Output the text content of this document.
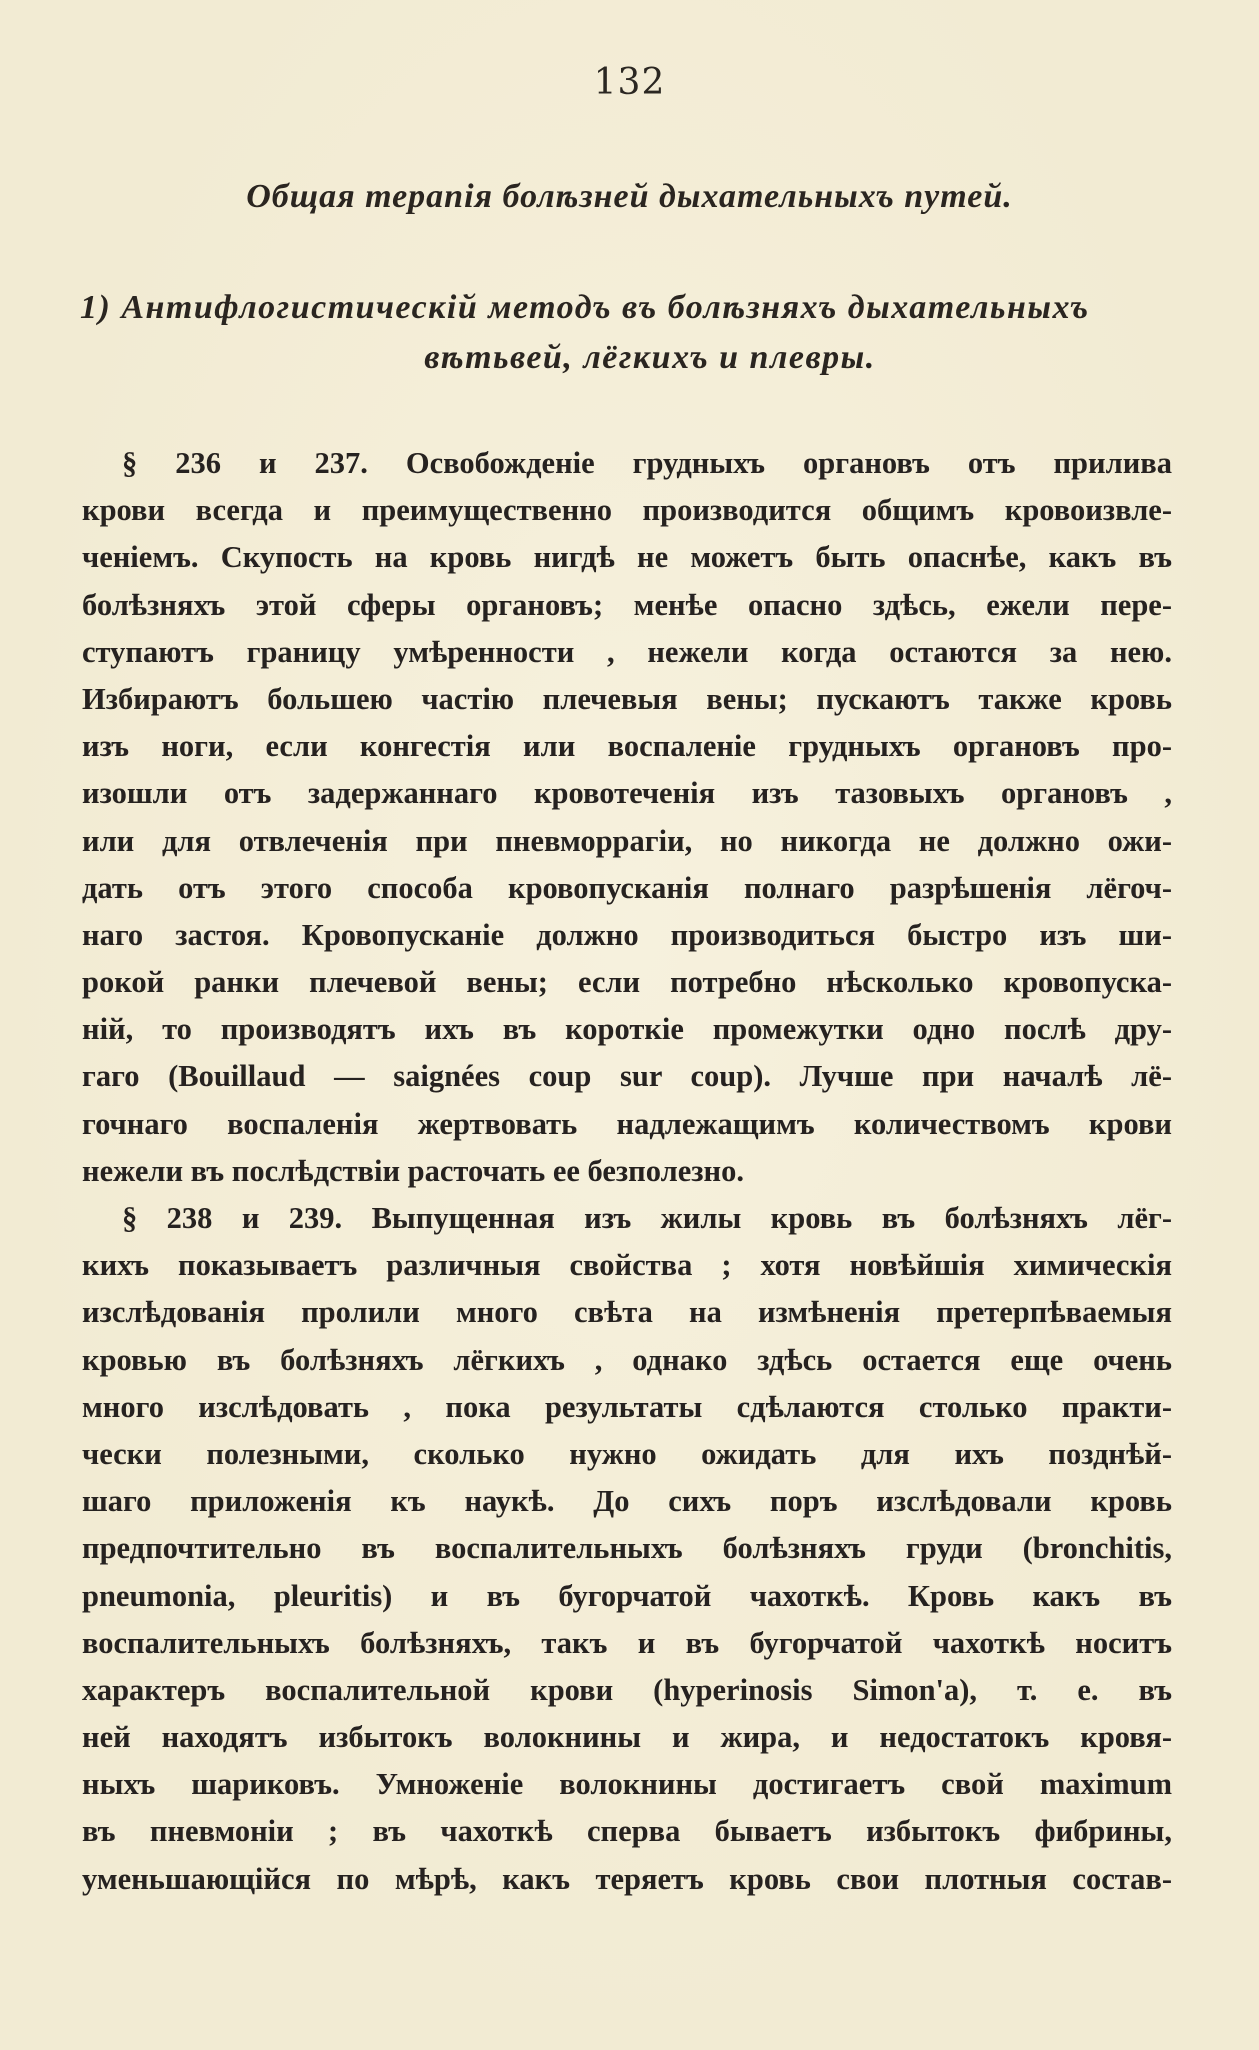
132
Общая терапія болѣзней дыхательныхъ путей.
1) Антифлогистическій методъ въ болѣзняхъ дыхательныхъ
вѣтьвей, лёгкихъ и плевры.
§ 236 и 237. Освобожденіе грудныхъ органовъ отъ прилива
крови всегда и преимущественно производится общимъ кровоизвле-
ченіемъ. Скупость на кровь нигдѣ не можетъ быть опаснѣе, какъ въ
болѣзняхъ этой сферы органовъ; менѣе опасно здѣсь, ежели пере-
ступаютъ границу умѣренности , нежели когда остаются за нею.
Избираютъ большею частію плечевыя вены; пускаютъ также кровь
изъ ноги, если конгестія или воспаленіе грудныхъ органовъ про-
изошли отъ задержаннаго кровотеченія изъ тазовыхъ органовъ ,
или для отвлеченія при пневморрагіи, но никогда не должно ожи-
дать отъ этого способа кровопусканія полнаго разрѣшенія лёгоч-
наго застоя. Кровопусканіе должно производиться быстро изъ ши-
рокой ранки плечевой вены; если потребно нѣсколько кровопуска-
ній, то производятъ ихъ въ короткіе промежутки одно послѣ дру-
гаго (Bouillaud — saignées coup sur coup). Лучше при началѣ лё-
гочнаго воспаленія жертвовать надлежащимъ количествомъ крови
нежели въ послѣдствіи расточать ее безполезно.
§ 238 и 239. Выпущенная изъ жилы кровь въ болѣзняхъ лёг-
кихъ показываетъ различныя свойства ; хотя новѣйшія химическія
изслѣдованія пролили много свѣта на измѣненія претерпѣваемыя
кровью въ болѣзняхъ лёгкихъ , однако здѣсь остается еще очень
много изслѣдовать , пока результаты сдѣлаются столько практи-
чески полезными, сколько нужно ожидать для ихъ позднѣй-
шаго приложенія къ наукѣ. До сихъ поръ изслѣдовали кровь
предпочтительно въ воспалительныхъ болѣзняхъ груди (bronchitis,
pneumonia, pleuritis) и въ бугорчатой чахоткѣ. Кровь какъ въ
воспалительныхъ болѣзняхъ, такъ и въ бугорчатой чахоткѣ носитъ
характеръ воспалительной крови (hyperinosis Simon'a), т. е. въ
ней находятъ избытокъ волокнины и жира, и недостатокъ кровя-
ныхъ шариковъ. Умноженіе волокнины достигаетъ свой maximum
въ пневмоніи ; въ чахоткѣ сперва бываетъ избытокъ фибрины,
уменьшающійся по мѣрѣ, какъ теряетъ кровь свои плотныя состав-
